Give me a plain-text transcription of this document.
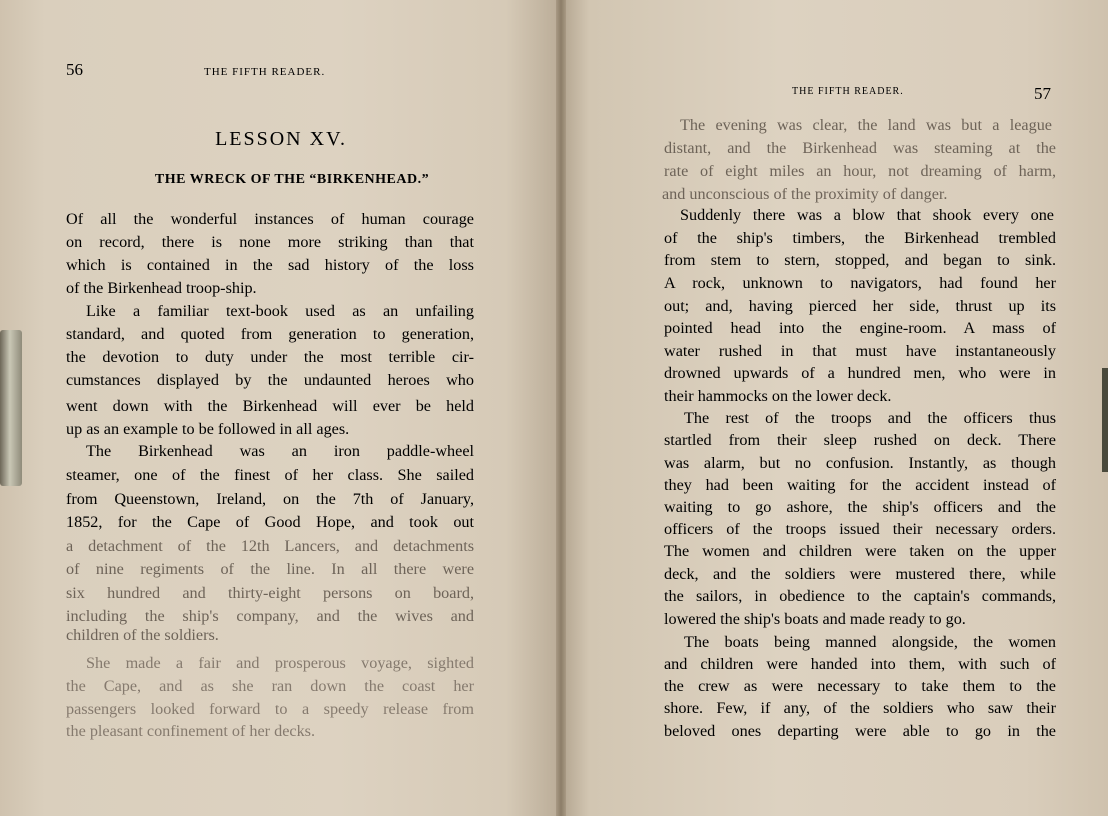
56	THE FIFTH READER.
LESSON XV.
THE WRECK OF THE “BIRKENHEAD.”
Of all the wonderful instances of human courage
on record, there is none more striking than that
which is contained in the sad history of the loss
of the Birkenhead troop-ship.
Like a familiar text-book used as an unfailing
standard, and quoted from generation to generation,
the devotion to duty under the most terrible cir-
cumstances displayed by the undaunted heroes who
went down with the Birkenhead will ever be held
up as an example to be followed in all ages.
The Birkenhead was an iron paddle-wheel
steamer, one of the finest of her class. She sailed
from Queenstown, Ireland, on the 7th of January,
1852, for the Cape of Good Hope, and took out
a detachment of the 12th Lancers, and detachments
of nine regiments of the line. In all there were
six hundred and thirty-eight persons on board,
including the ship's company, and the wives and
children of the soldiers.
She made a fair and prosperous voyage, sighted
the Cape, and as she ran down the coast her
passengers looked forward to a speedy release from
the pleasant confinement of her decks.
THE FIFTH READER.	57
The evening was clear, the land was but a league
distant, and the Birkenhead was steaming at the
rate of eight miles an hour, not dreaming of harm,
and unconscious of the proximity of danger.
Suddenly there was a blow that shook every one
of the ship's timbers, the Birkenhead trembled
from stem to stern, stopped, and began to sink.
A rock, unknown to navigators, had found her
out; and, having pierced her side, thrust up its
pointed head into the engine-room. A mass of
water rushed in that must have instantaneously
drowned upwards of a hundred men, who were in
their hammocks on the lower deck.
The rest of the troops and the officers thus
startled from their sleep rushed on deck. There
was alarm, but no confusion. Instantly, as though
they had been waiting for the accident instead of
waiting to go ashore, the ship's officers and the
officers of the troops issued their necessary orders.
The women and children were taken on the upper
deck, and the soldiers were mustered there, while
the sailors, in obedience to the captain's commands,
lowered the ship's boats and made ready to go.
The boats being manned alongside, the women
and children were handed into them, with such of
the crew as were necessary to take them to the
shore. Few, if any, of the soldiers who saw their
beloved ones departing were able to go in the
